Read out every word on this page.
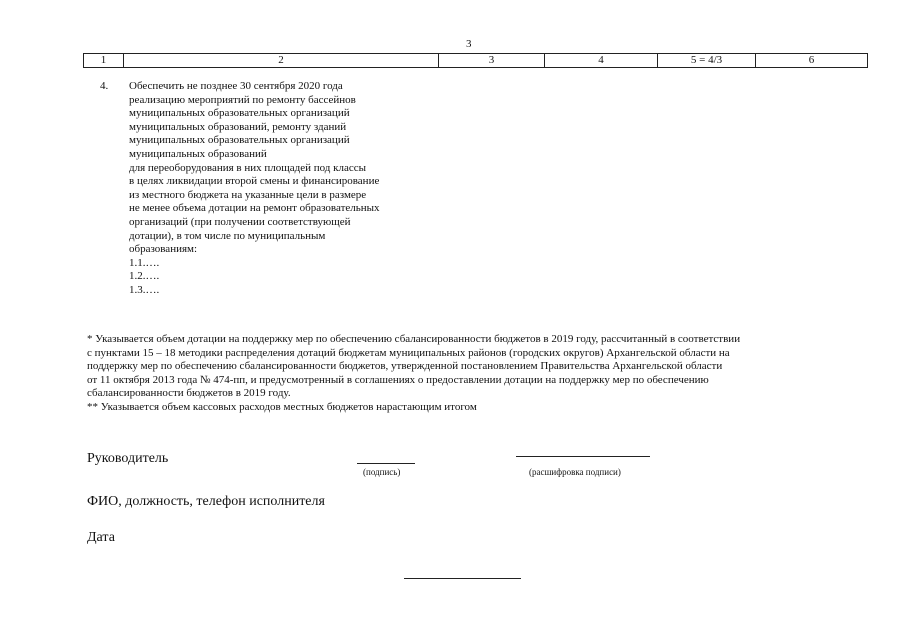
3
1	2	3	4	5 = 4/3	6
4. Обеспечить не позднее 30 сентября 2020 года
реализацию мероприятий по ремонту бассейнов
муниципальных образовательных организаций
муниципальных образований, ремонту зданий
муниципальных образовательных организаций
муниципальных образований
для переоборудования в них площадей под классы
в целях ликвидации второй смены и финансирование
из местного бюджета на указанные цели в размере
не менее объема дотации на ремонт образовательных
организаций (при получении соответствующей
дотации), в том числе по муниципальным
образованиям:
1.1.….
1.2.….
1.3.….
* Указывается объем дотации на поддержку мер по обеспечению сбалансированности бюджетов в 2019 году, рассчитанный в соответствии
с пунктами 15 – 18 методики распределения дотаций бюджетам муниципальных районов (городских округов) Архангельской области на
поддержку мер по обеспечению сбалансированности бюджетов, утвержденной постановлением Правительства Архангельской области
от 11 октября 2013 года № 474-пп, и предусмотренный в соглашениях о предоставлении дотации на поддержку мер по обеспечению
сбалансированности бюджетов в 2019 году.
** Указывается объем кассовых расходов местных бюджетов нарастающим итогом
Руководитель
(подпись)	(расшифровка подписи)
ФИО, должность, телефон исполнителя
Дата
